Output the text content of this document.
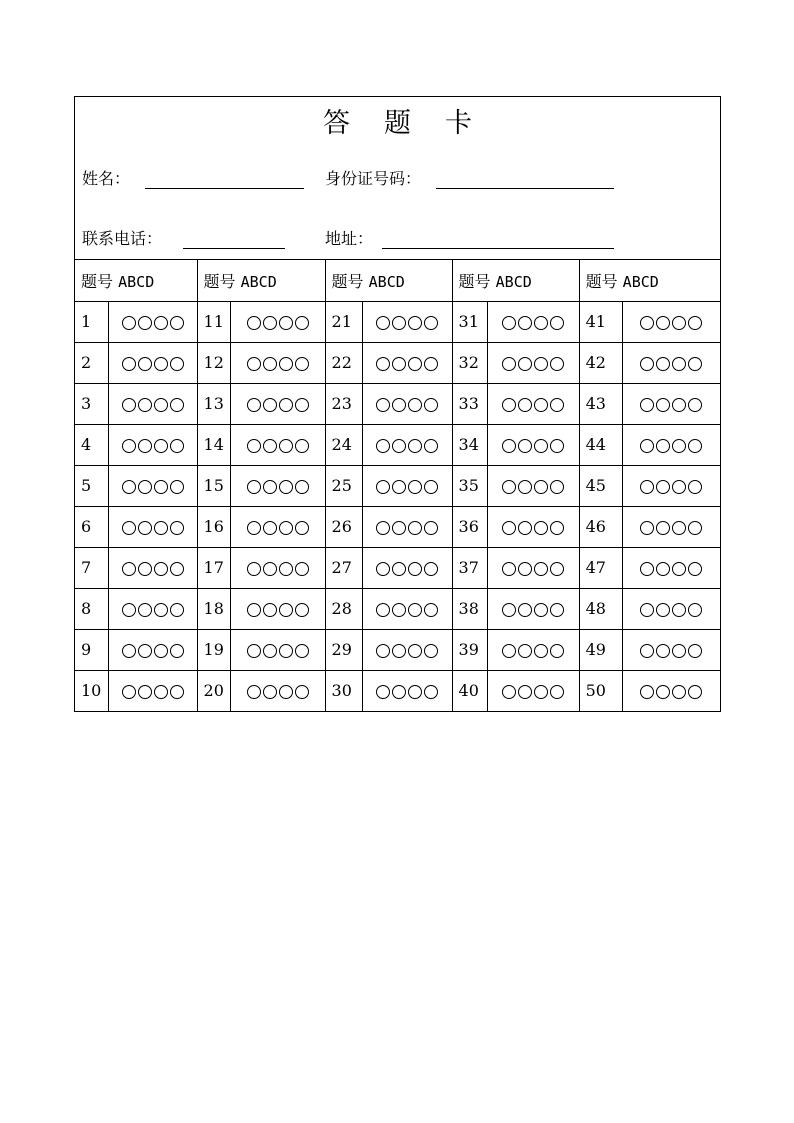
答 题 卡
姓名：	身份证号码：
联系电话：	地址：
题号 ABCD		题号 ABCD		题号 ABCD		题号 ABCD		题号 ABCD	
1		11		21		31		41	
2		12		22		32		42	
3		13		23		33		43	
4		14		24		34		44	
5		15		25		35		45	
6		16		26		36		46	
7		17		27		37		47	
8		18		28		38		48	
9		19		29		39		49	
10		20		30		40		50	
